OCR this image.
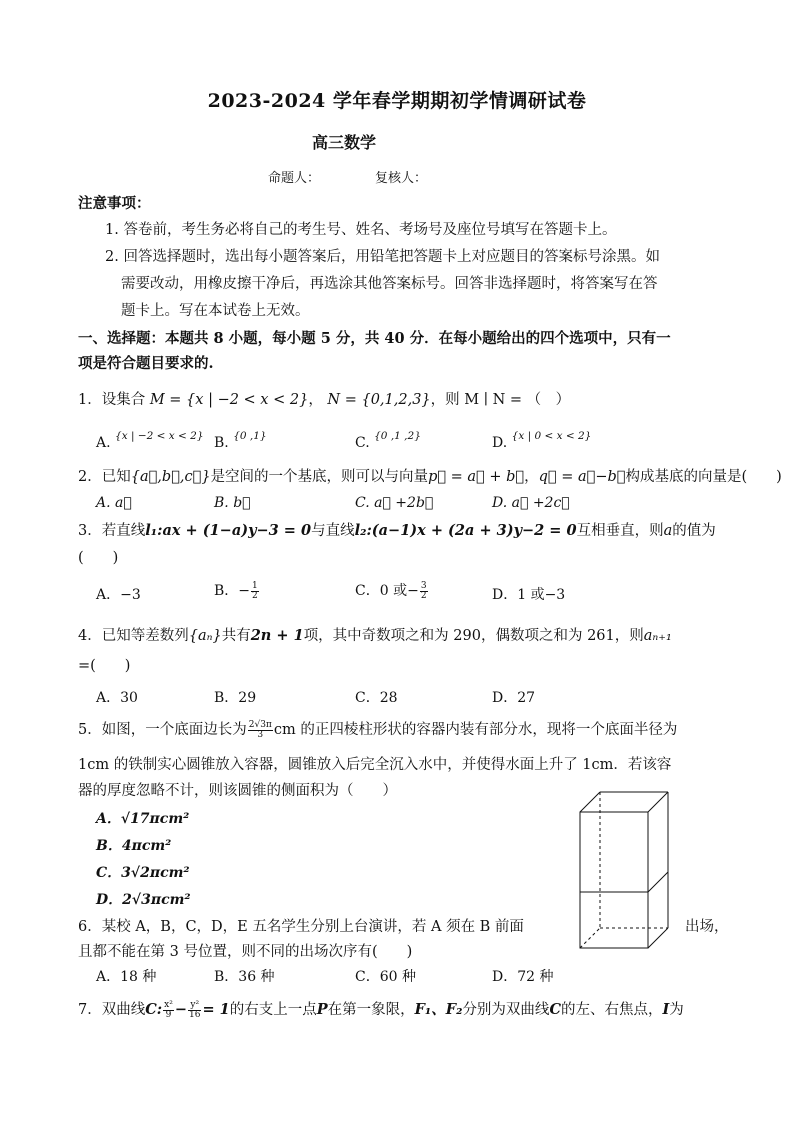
2023-2024 学年春学期期初学情调研试卷
高三数学
命题人：	复核人：
注意事项：
1. 答卷前，考生务必将自己的考生号、姓名、考场号及座位号填写在答题卡上。
2. 回答选择题时，选出每小题答案后，用铅笔把答题卡上对应题目的答案标号涂黑。如
需要改动，用橡皮擦干净后，再选涂其他答案标号。回答非选择题时，将答案写在答
题卡上。写在本试卷上无效。
一、选择题：本题共 8 小题，每小题 5 分，共 40 分．在每小题给出的四个选项中，只有一
项是符合题目要求的.
1．设集合 M = {x | −2 < x < 2}， N = {0,1,2,3}，则 M ∣ N = （　）
A. $^{\{x | -2 < x < 2\}}$ B. $^{\{0 ,1\}}$	C. $^{\{0 ,1 ,2\}}$	D. $^{\{x | 0 < x < 2\}}$
2．已知{a⃗,b⃗,c⃗}是空间的一个基底，则可以与向量p⃗ = a⃗ + b⃗，q⃗ = a⃗−b⃗构成基底的向量是(　　)
A. a⃗	B. b⃗	C. a⃗ +2b⃗	D. a⃗ +2c⃗
3．若直线l₁:ax + (1−a)y−3 = 0与直线l₂:(a−1)x + (2a + 3)y−2 = 0互相垂直，则a的值为
(　　)
A．−3	B．− $\frac{1}{2}$	C．0 或− $\frac{3}{2}$	D．1 或−3
4．已知等差数列{aₙ}共有2n + 1项，其中奇数项之和为 290，偶数项之和为 261，则aₙ₊₁
=(　　)
A．30	B．29	C．28	D．27
5．如图，一个底面边长为 $\frac{2√3\pi}{3}$ cm 的正四棱柱形状的容器内装有部分水，现将一个底面半径为
1cm 的铁制实心圆锥放入容器，圆锥放入后完全沉入水中，并使得水面上升了 1cm．若该容
器的厚度忽略不计，则该圆锥的侧面积为（　　）
A．√17πcm²
B．4πcm²
C．3√2πcm²
D．2√3πcm²
6．某校 A，B，C，D，E 五名学生分别上台演讲，若 A 须在 B 前面	出场，
且都不能在第 3 号位置，则不同的出场次序有(　　)
A．18 种	B．36 种	C．60 种	D．72 种
7．双曲线C: $\frac{\text{x²}}{9} - \frac{\text{y²}}{16} = 1$的右支上一点P在第一象限，F₁、F₂分别为双曲线C的左、右焦点，I为
